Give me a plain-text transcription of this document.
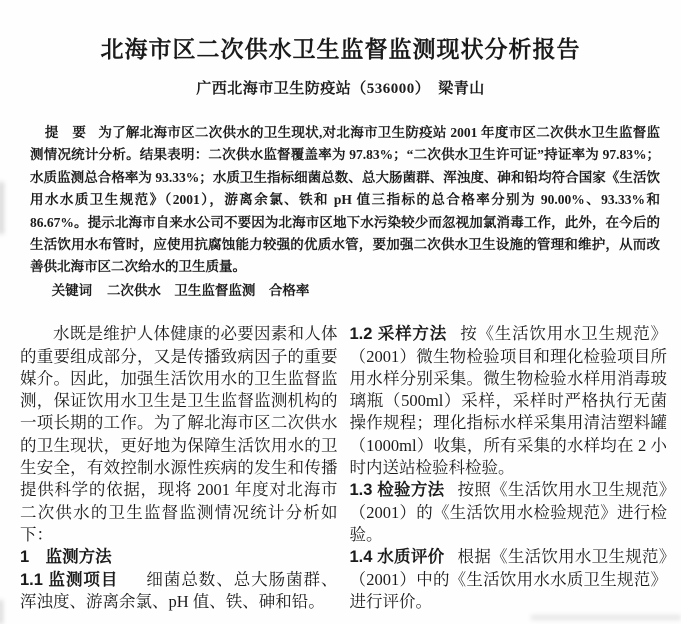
北海市区二次供水卫生监督监测现状分析报告
广西北海市卫生防疫站（536000）　梁青山

提　要 为了解北海市区二次供水的卫生现状,对北海市卫生防疫站 2001 年度市区二次供水卫生监督监测情况统计分析。结果表明：二次供水监督覆盖率为 97.83%；“二次供水卫生许可证”持证率为 97.83%；水质监测总合格率为 93.33%；水质卫生指标细菌总数、总大肠菌群、浑浊度、砷和铅均符合国家《生活饮用水水质卫生规范》（2001），游离余氯、铁和 pH 值三指标的总合格率分别为 90.00%、93.33%和 86.67%。提示北海市自来水公司不要因为北海市区地下水污染较少而忽视加氯消毒工作，此外，在今后的生活饮用水布管时，应使用抗腐蚀能力较强的优质水管，要加强二次供水卫生设施的管理和维护，从而改善供北海市区二次给水的卫生质量。

关键词 二次供水　卫生监督监测　合格率

水既是维护人体健康的必要因素和人体的重要组成部分，又是传播致病因子的重要媒介。因此，加强生活饮用水的卫生监督监测，保证饮用水卫生是卫生监督监测机构的一项长期的工作。为了解北海市区二次供水的卫生现状，更好地为保障生活饮用水的卫生安全，有效控制水源性疾病的发生和传播提供科学的依据，现将 2001 年度对北海市二次供水的卫生监督监测情况统计分析如下：

1　监测方法

1.1 监测项目 细菌总数、总大肠菌群、浑浊度、游离余氯、pH 值、铁、砷和铅。

1.2 采样方法 按《生活饮用水卫生规范》（2001）微生物检验项目和理化检验项目所用水样分别采集。微生物检验水样用消毒玻璃瓶（500ml）采样，采样时严格执行无菌操作规程；理化指标水样采集用清洁塑料罐（1000ml）收集，所有采集的水样均在 2 小时内送站检验科检验。

1.3 检验方法 按照《生活饮用水卫生规范》（2001）的《生活饮用水检验规范》进行检验。

1.4 水质评价 根据《生活饮用水卫生规范》（2001）中的《生活饮用水水质卫生规范》进行评价。
